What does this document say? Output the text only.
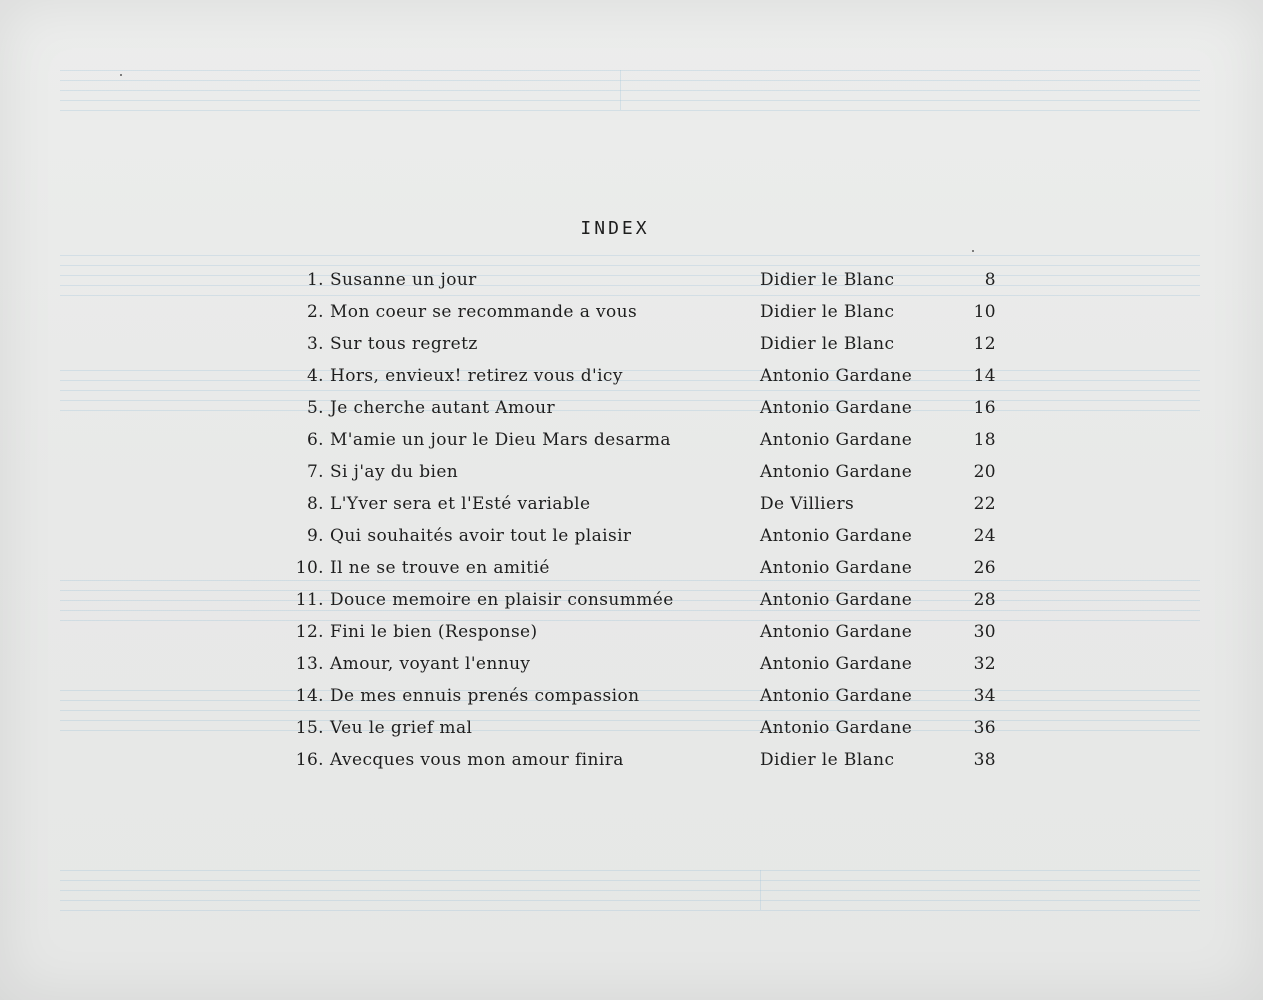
INDEX
1. Susanne un jour	Didier le Blanc	8
2. Mon coeur se recommande a vous	Didier le Blanc	10
3. Sur tous regretz	Didier le Blanc	12
4. Hors, envieux! retirez vous d'icy	Antonio Gardane	14
5. Je cherche autant Amour	Antonio Gardane	16
6. M'amie un jour le Dieu Mars desarma	Antonio Gardane	18
7. Si j'ay du bien	Antonio Gardane	20
8. L'Yver sera et l'Esté variable	De Villiers	22
9. Qui souhaités avoir tout le plaisir	Antonio Gardane	24
10. Il ne se trouve en amitié	Antonio Gardane	26
11. Douce memoire en plaisir consummée	Antonio Gardane	28
12. Fini le bien (Response)	Antonio Gardane	30
13. Amour, voyant l'ennuy	Antonio Gardane	32
14. De mes ennuis prenés compassion	Antonio Gardane	34
15. Veu le grief mal	Antonio Gardane	36
16. Avecques vous mon amour finira	Didier le Blanc	38
